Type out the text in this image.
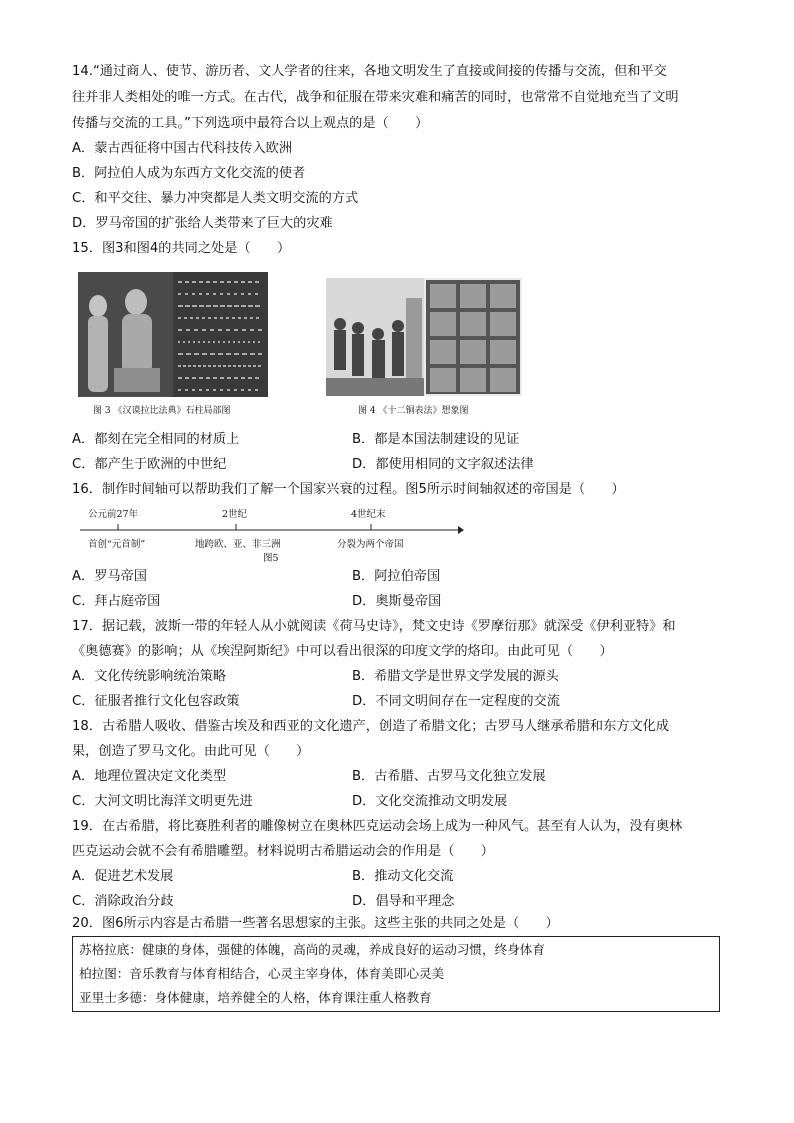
14.“通过商人、使节、游历者、文人学者的往来，各地文明发生了直接或间接的传播与交流，但和平交
往并非人类相处的唯一方式。在古代，战争和征服在带来灾难和痛苦的同时，也常常不自觉地充当了文明
传播与交流的工具。”下列选项中最符合以上观点的是（　　）
A．蒙古西征将中国古代科技传入欧洲
B．阿拉伯人成为东西方文化交流的使者
C．和平交往、暴力冲突都是人类文明交流的方式
D．罗马帝国的扩张给人类带来了巨大的灾难
15．图3和图4的共同之处是（　　）
图 3 《汉谟拉比法典》石柱局部图	图 4 《十二铜表法》想象图
A．都刻在完全相同的材质上	B．都是本国法制建设的见证
C．都产生于欧洲的中世纪	D．都使用相同的文字叙述法律
16．制作时间轴可以帮助我们了解一个国家兴衰的过程。图5所示时间轴叙述的帝国是（　　）
公元前27年	2世纪	4世纪末
首创“元首制”	地跨欧、亚、非三洲	分裂为两个帝国
图5
A．罗马帝国	B．阿拉伯帝国
C．拜占庭帝国	D．奥斯曼帝国
17．据记载，波斯一带的年轻人从小就阅读《荷马史诗》，梵文史诗《罗摩衍那》就深受《伊利亚特》和
《奥德赛》的影响；从《埃涅阿斯纪》中可以看出很深的印度文学的烙印。由此可见（　　）
A．文化传统影响统治策略	B．希腊文学是世界文学发展的源头
C．征服者推行文化包容政策	D．不同文明间存在一定程度的交流
18．古希腊人吸收、借鉴古埃及和西亚的文化遗产，创造了希腊文化；古罗马人继承希腊和东方文化成
果，创造了罗马文化。由此可见（　　）
A．地理位置决定文化类型	B．古希腊、古罗马文化独立发展
C．大河文明比海洋文明更先进	D．文化交流推动文明发展
19．在古希腊，将比赛胜利者的雕像树立在奥林匹克运动会场上成为一种风气。甚至有人认为，没有奥林
匹克运动会就不会有希腊雕塑。材料说明古希腊运动会的作用是（　　）
A．促进艺术发展	B．推动文化交流
C．消除政治分歧	D．倡导和平理念
20．图6所示内容是古希腊一些著名思想家的主张。这些主张的共同之处是（　　）
苏格拉底：健康的身体，强健的体魄，高尚的灵魂，养成良好的运动习惯，终身体育
柏拉图：音乐教育与体育相结合，心灵主宰身体，体育美即心灵美
亚里士多德：身体健康，培养健全的人格，体育课注重人格教育
